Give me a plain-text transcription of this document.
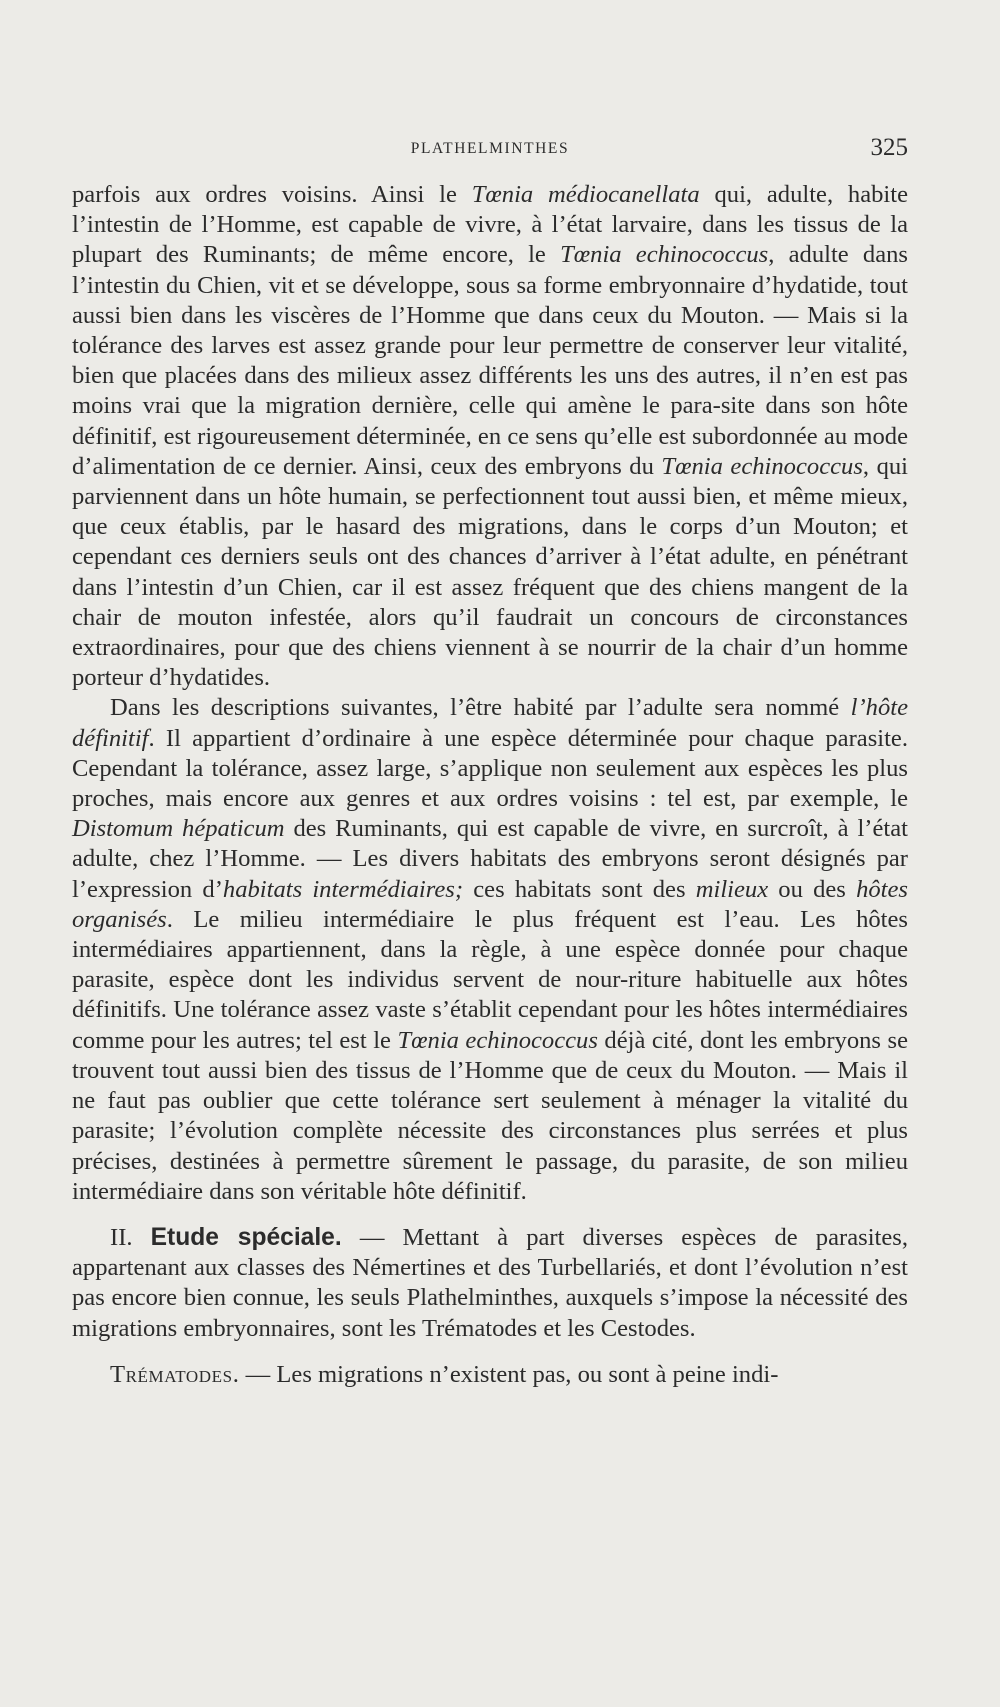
PLATHELMINTHES	325

parfois aux ordres voisins. Ainsi le Tœnia médiocanellata qui, adulte, habite l’intestin de l’Homme, est capable de vivre, à l’état larvaire, dans les tissus de la plupart des Ruminants; de même encore, le Tœnia echinococcus, adulte dans l’intestin du Chien, vit et se développe, sous sa forme embryonnaire d’hydatide, tout aussi bien dans les viscères de l’Homme que dans ceux du Mouton. — Mais si la tolérance des larves est assez grande pour leur permettre de conserver leur vitalité, bien que placées dans des milieux assez différents les uns des autres, il n’en est pas moins vrai que la migration dernière, celle qui amène le para-site dans son hôte définitif, est rigoureusement déterminée, en ce sens qu’elle est subordonnée au mode d’alimentation de ce dernier. Ainsi, ceux des embryons du Tœnia echinococcus, qui parviennent dans un hôte humain, se perfectionnent tout aussi bien, et même mieux, que ceux établis, par le hasard des migrations, dans le corps d’un Mouton; et cependant ces derniers seuls ont des chances d’arriver à l’état adulte, en pénétrant dans l’intestin d’un Chien, car il est assez fréquent que des chiens mangent de la chair de mouton infestée, alors qu’il faudrait un concours de circonstances extraordinaires, pour que des chiens viennent à se nourrir de la chair d’un homme porteur d’hydatides.

Dans les descriptions suivantes, l’être habité par l’adulte sera nommé l’hôte définitif. Il appartient d’ordinaire à une espèce déterminée pour chaque parasite. Cependant la tolérance, assez large, s’applique non seulement aux espèces les plus proches, mais encore aux genres et aux ordres voisins : tel est, par exemple, le Distomum hépaticum des Ruminants, qui est capable de vivre, en surcroît, à l’état adulte, chez l’Homme. — Les divers habitats des embryons seront désignés par l’expression d’habitats intermédiaires; ces habitats sont des milieux ou des hôtes organisés. Le milieu intermédiaire le plus fréquent est l’eau. Les hôtes intermédiaires appartiennent, dans la règle, à une espèce donnée pour chaque parasite, espèce dont les individus servent de nour-riture habituelle aux hôtes définitifs. Une tolérance assez vaste s’établit cependant pour les hôtes intermédiaires comme pour les autres; tel est le Tœnia echinococcus déjà cité, dont les embryons se trouvent tout aussi bien des tissus de l’Homme que de ceux du Mouton. — Mais il ne faut pas oublier que cette tolérance sert seulement à ménager la vitalité du parasite; l’évolution complète nécessite des circonstances plus serrées et plus précises, destinées à permettre sûrement le passage, du parasite, de son milieu intermédiaire dans son véritable hôte définitif.

II. Etude spéciale. — Mettant à part diverses espèces de parasites, appartenant aux classes des Némertines et des Turbellariés, et dont l’évolution n’est pas encore bien connue, les seuls Plathelminthes, auxquels s’impose la nécessité des migrations embryonnaires, sont les Trématodes et les Cestodes.

Trématodes. — Les migrations n’existent pas, ou sont à peine indi-
